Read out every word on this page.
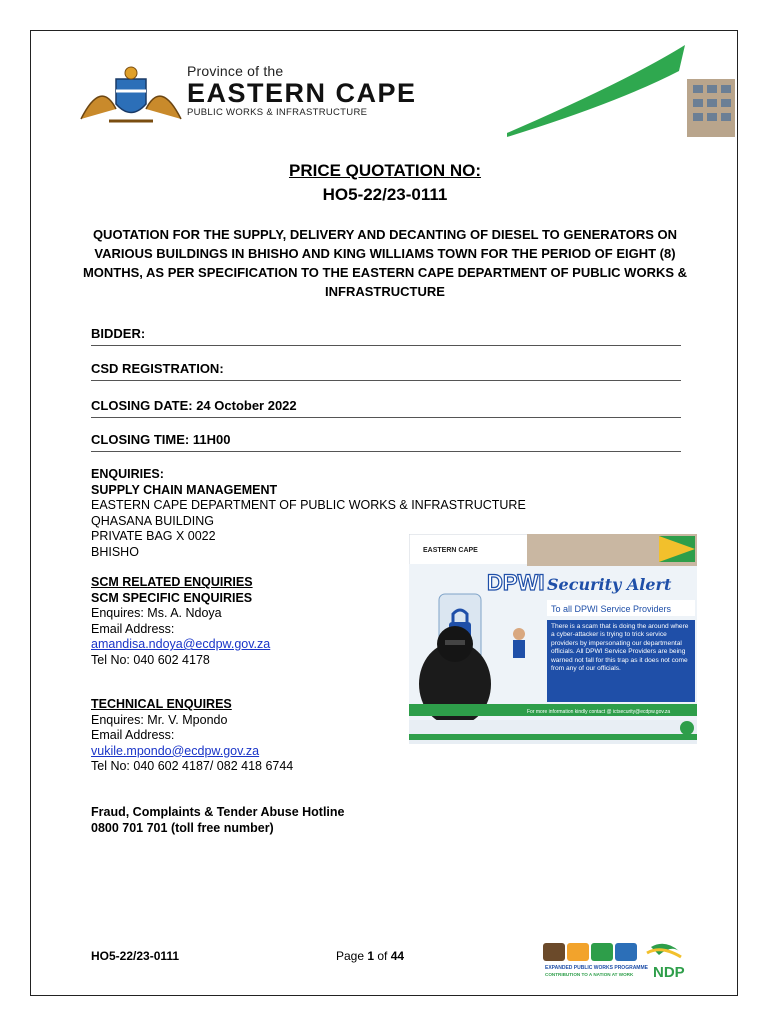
Province of the
EASTERN CAPE
PUBLIC WORKS & INFRASTRUCTURE
PRICE QUOTATION NO:
HO5-22/23-0111
QUOTATION FOR THE SUPPLY, DELIVERY AND DECANTING OF DIESEL TO GENERATORS ON VARIOUS BUILDINGS IN BHISHO AND KING WILLIAMS TOWN FOR THE PERIOD OF EIGHT (8) MONTHS, AS PER SPECIFICATION TO THE EASTERN CAPE DEPARTMENT OF PUBLIC WORKS & INFRASTRUCTURE
BIDDER:
CSD REGISTRATION:
CLOSING DATE: 24 October 2022
CLOSING TIME: 11H00
ENQUIRIES:
SUPPLY CHAIN MANAGEMENT
EASTERN CAPE DEPARTMENT OF PUBLIC WORKS & INFRASTRUCTURE
QHASANA BUILDING
PRIVATE BAG X 0022
BHISHO
SCM RELATED ENQUIRIES
SCM SPECIFIC ENQUIRIES
Enquires: Ms. A. Ndoya
Email Address:
amandisa.ndoya@ecdpw.gov.za
Tel No: 040 602 4178
TECHNICAL ENQUIRES
Enquires: Mr. V. Mpondo
Email Address:
vukile.mpondo@ecdpw.gov.za
Tel No: 040 602 4187/ 082 418 6744
Fraud, Complaints & Tender Abuse Hotline
0800 701 701 (toll free number)
EASTERN CAPE
DPWI Security Alert
To all DPWI Service Providers
There is a scam that is doing the around where a cyber-attacker is trying to trick service providers by impersonating our departmental officials. All DPWI Service Providers are being warned not fall for this trap as it does not come from any of our officials.
For more information kindly contact @ ictsecurity@ecdpw.gov.za
HO5-22/23-0111	Page 1 of 44
EXPANDED PUBLIC WORKS PROGRAMME
CONTRIBUTION TO A NATION AT WORK NDP
